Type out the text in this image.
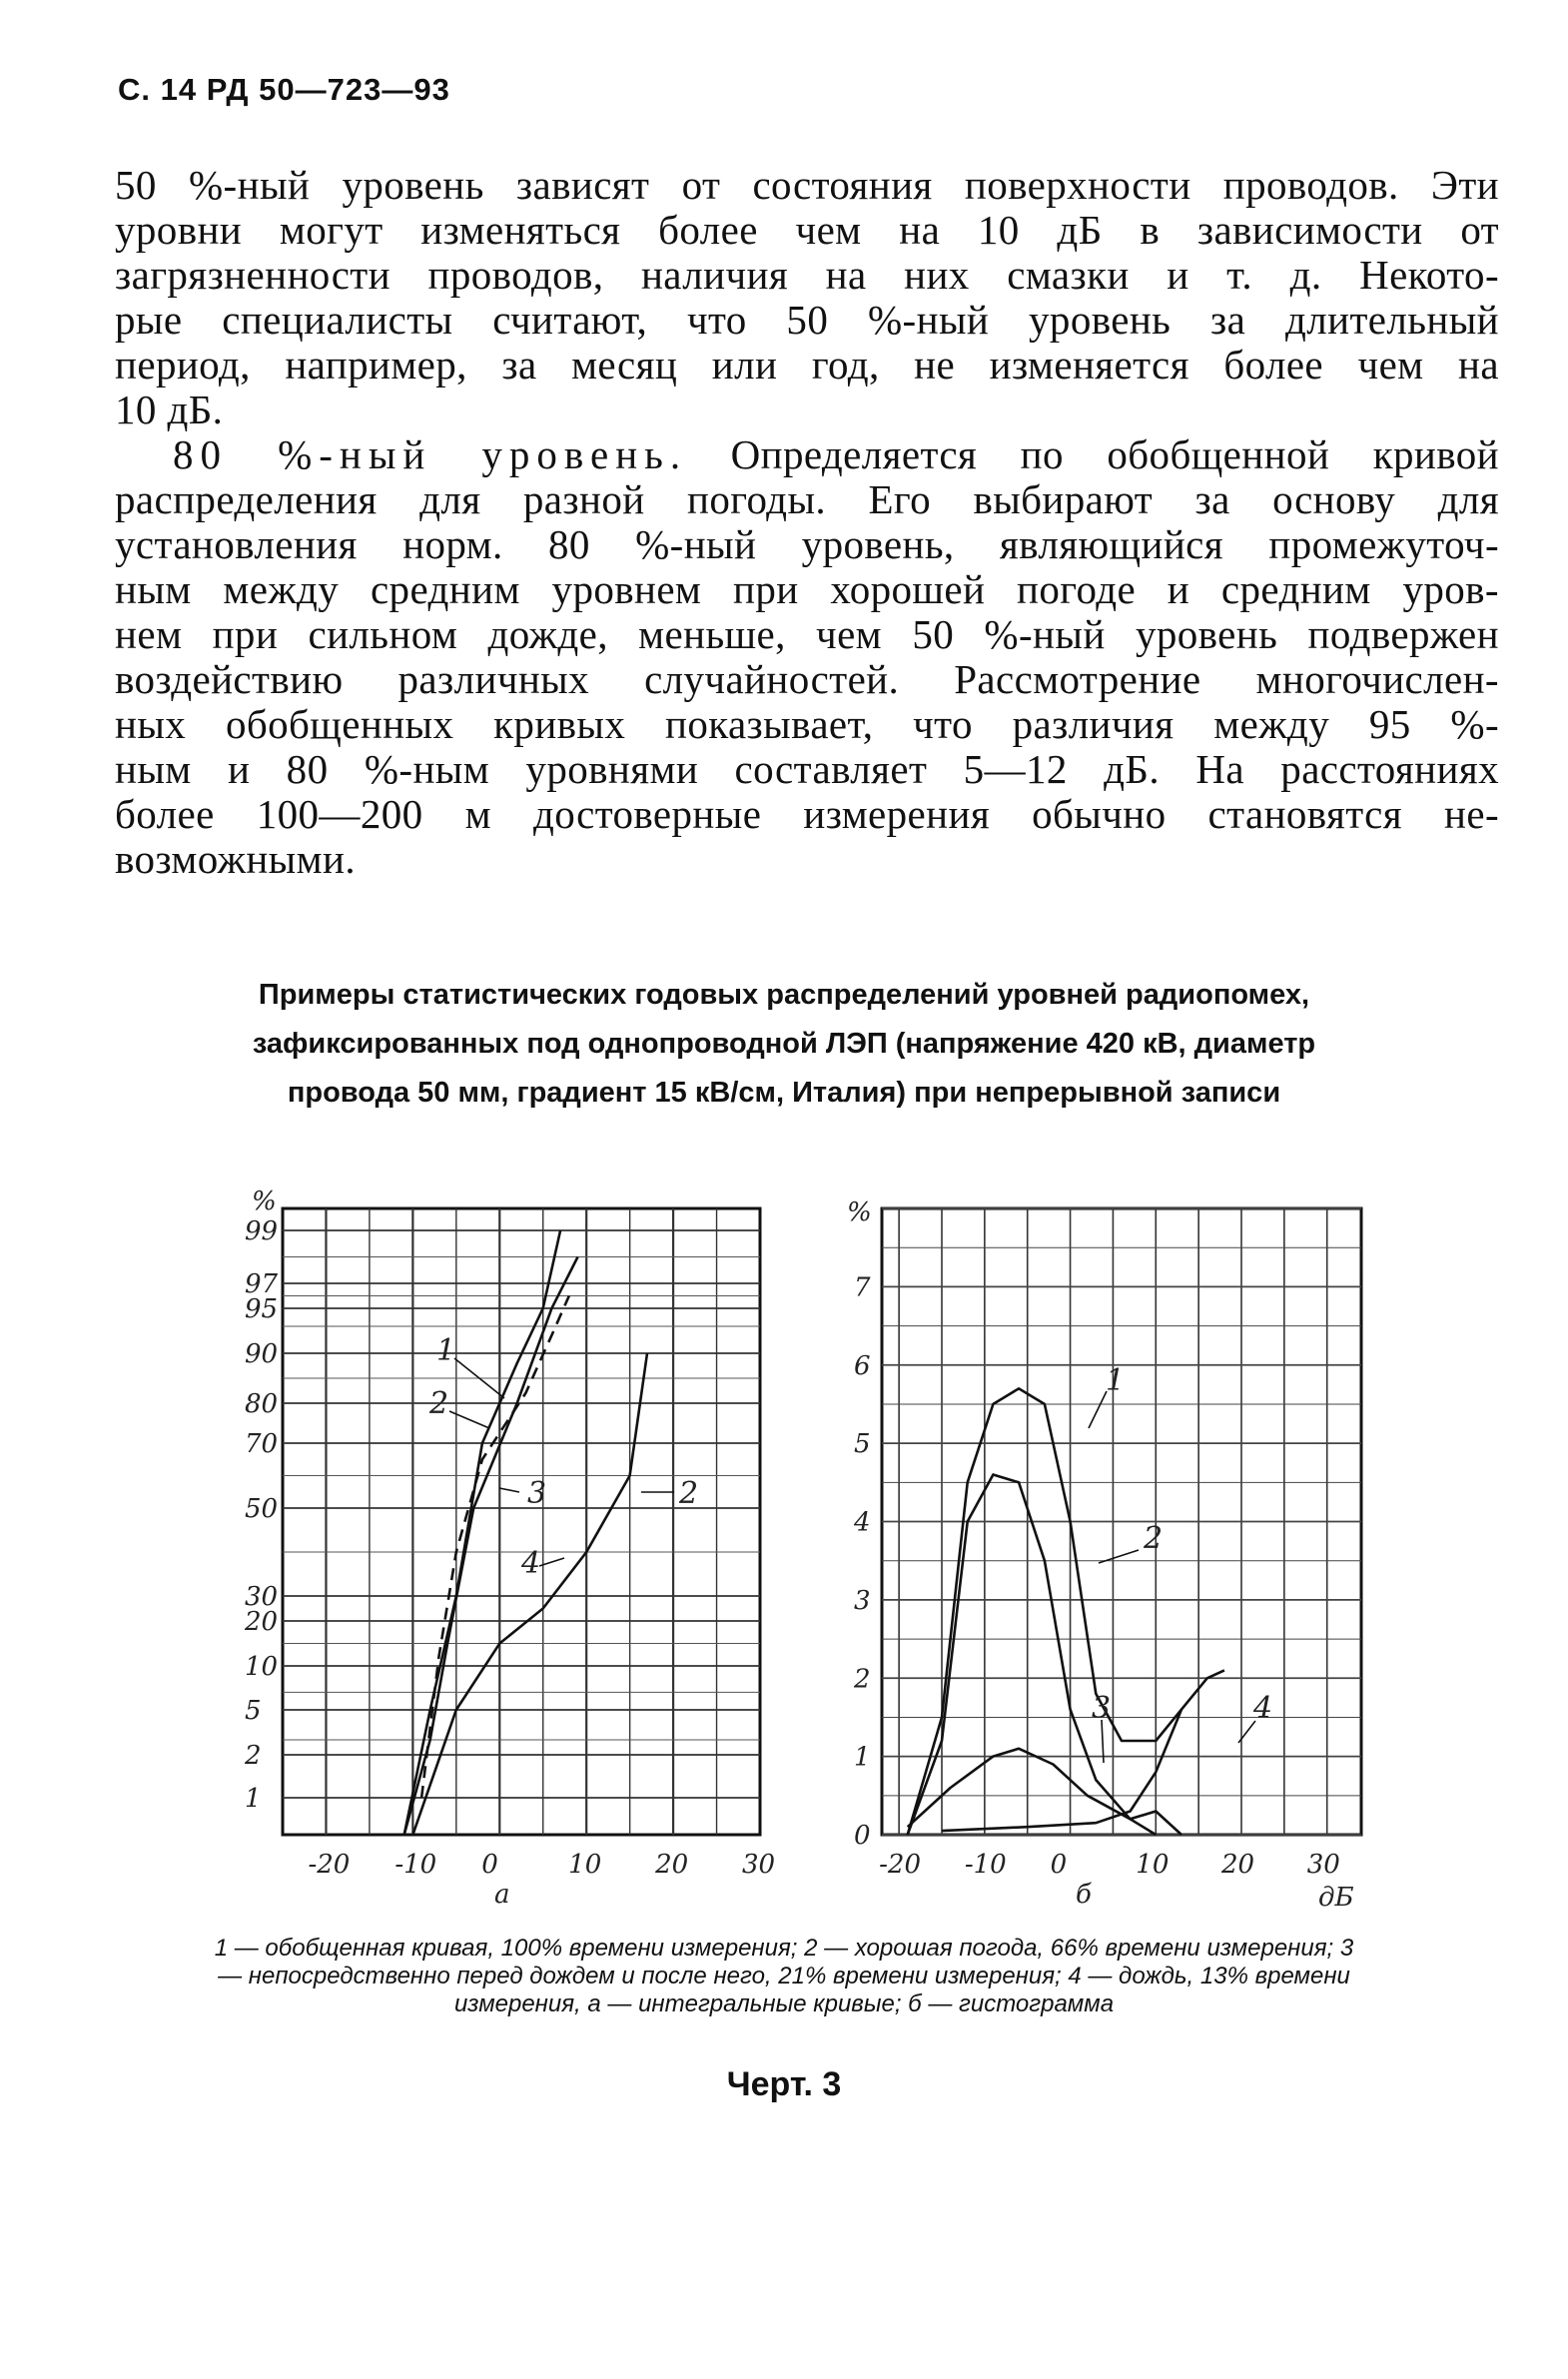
С. 14 РД 50—723—93
50 %-ный уровень зависят от состояния поверхности проводов. Эти
уровни могут изменяться более чем на 10 дБ в зависимости от
загрязненности проводов, наличия на них смазки и т. д. Некото-
рые специалисты считают, что 50 %-ный уровень за длительный
период, например, за месяц или год, не изменяется более чем на
10 дБ.
80 %-ный уровень. Определяется по обобщенной кривой
распределения для разной погоды. Его выбирают за основу для
установления норм. 80 %-ный уровень, являющийся промежуточ-
ным между средним уровнем при хорошей погоде и средним уров-
нем при сильном дожде, меньше, чем 50 %-ный уровень подвержен
воздействию различных случайностей. Рассмотрение многочислен-
ных обобщенных кривых показывает, что различия между 95 %-
ным и 80 %-ным уровнями составляет 5—12 дБ. На расстояниях
более 100—200 м достоверные измерения обычно становятся не-
возможными.
Примеры статистических годовых распределений уровней радиопомех, зафиксированных под однопроводной ЛЭП (напряжение 420 кВ, диаметр провода 50 мм, градиент 15 кВ/см, Италия) при непрерывной записи
99
97
95
90
80
70
50
30
20
10
5
2
1
-20 -10 0	10 20 30
1
2
3
4
2
0
1
2
3
4
5
6
7
-20 -10 0	10 20 30
1
2
3	4
%	%
а	б	дБ
1 — обобщенная кривая, 100% времени измерения; 2 — хорошая погода, 66% времени измерения; 3 — непосредственно перед дождем и после него, 21% времени измерения; 4 — дождь, 13% времени измерения, а — интегральные кривые; б — гистограмма
Черт. 3
